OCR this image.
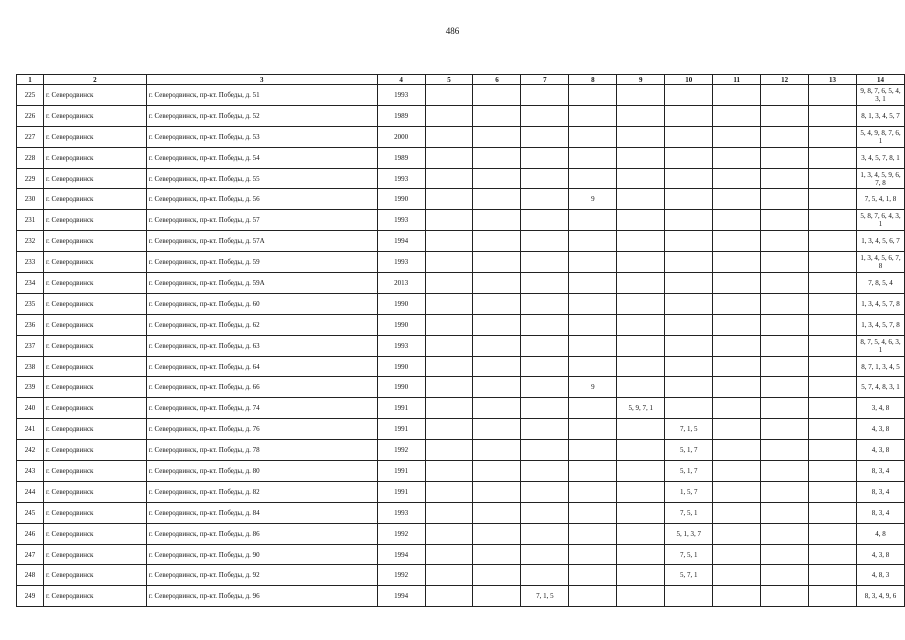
486
1	2	3	4	5	6	7	8	9	10	11	12	13	14
225	г. Северодвинск	г. Северодвинск, пр-кт. Победы, д. 51	1993										9, 8, 7, 6, 5, 4, 3, 1
226	г. Северодвинск	г. Северодвинск, пр-кт. Победы, д. 52	1989										8, 1, 3, 4, 5, 7
227	г. Северодвинск	г. Северодвинск, пр-кт. Победы, д. 53	2000										5, 4, 9, 8, 7, 6, 1
228	г. Северодвинск	г. Северодвинск, пр-кт. Победы, д. 54	1989										3, 4, 5, 7, 8, 1
229	г. Северодвинск	г. Северодвинск, пр-кт. Победы, д. 55	1993										1, 3, 4, 5, 9, 6, 7, 8
230	г. Северодвинск	г. Северодвинск, пр-кт. Победы, д. 56	1990				9						7, 5, 4, 1, 8
231	г. Северодвинск	г. Северодвинск, пр-кт. Победы, д. 57	1993										5, 8, 7, 6, 4, 3, 1
232	г. Северодвинск	г. Северодвинск, пр-кт. Победы, д. 57А	1994										1, 3, 4, 5, 6, 7
233	г. Северодвинск	г. Северодвинск, пр-кт. Победы, д. 59	1993										1, 3, 4, 5, 6, 7, 8
234	г. Северодвинск	г. Северодвинск, пр-кт. Победы, д. 59А	2013										7, 8, 5, 4
235	г. Северодвинск	г. Северодвинск, пр-кт. Победы, д. 60	1990										1, 3, 4, 5, 7, 8
236	г. Северодвинск	г. Северодвинск, пр-кт. Победы, д. 62	1990										1, 3, 4, 5, 7, 8
237	г. Северодвинск	г. Северодвинск, пр-кт. Победы, д. 63	1993										8, 7, 5, 4, 6, 3, 1
238	г. Северодвинск	г. Северодвинск, пр-кт. Победы, д. 64	1990										8, 7, 1, 3, 4, 5
239	г. Северодвинск	г. Северодвинск, пр-кт. Победы, д. 66	1990				9						5, 7, 4, 8, 3, 1
240	г. Северодвинск	г. Северодвинск, пр-кт. Победы, д. 74	1991					5, 9, 7, 1					3, 4, 8
241	г. Северодвинск	г. Северодвинск, пр-кт. Победы, д. 76	1991						7, 1, 5				4, 3, 8
242	г. Северодвинск	г. Северодвинск, пр-кт. Победы, д. 78	1992						5, 1, 7				4, 3, 8
243	г. Северодвинск	г. Северодвинск, пр-кт. Победы, д. 80	1991						5, 1, 7				8, 3, 4
244	г. Северодвинск	г. Северодвинск, пр-кт. Победы, д. 82	1991						1, 5, 7				8, 3, 4
245	г. Северодвинск	г. Северодвинск, пр-кт. Победы, д. 84	1993						7, 5, 1				8, 3, 4
246	г. Северодвинск	г. Северодвинск, пр-кт. Победы, д. 86	1992						5, 1, 3, 7				4, 8
247	г. Северодвинск	г. Северодвинск, пр-кт. Победы, д. 90	1994						7, 5, 1				4, 3, 8
248	г. Северодвинск	г. Северодвинск, пр-кт. Победы, д. 92	1992						5, 7, 1				4, 8, 3
249	г. Северодвинск	г. Северодвинск, пр-кт. Победы, д. 96	1994			7, 1, 5							8, 3, 4, 9, 6
